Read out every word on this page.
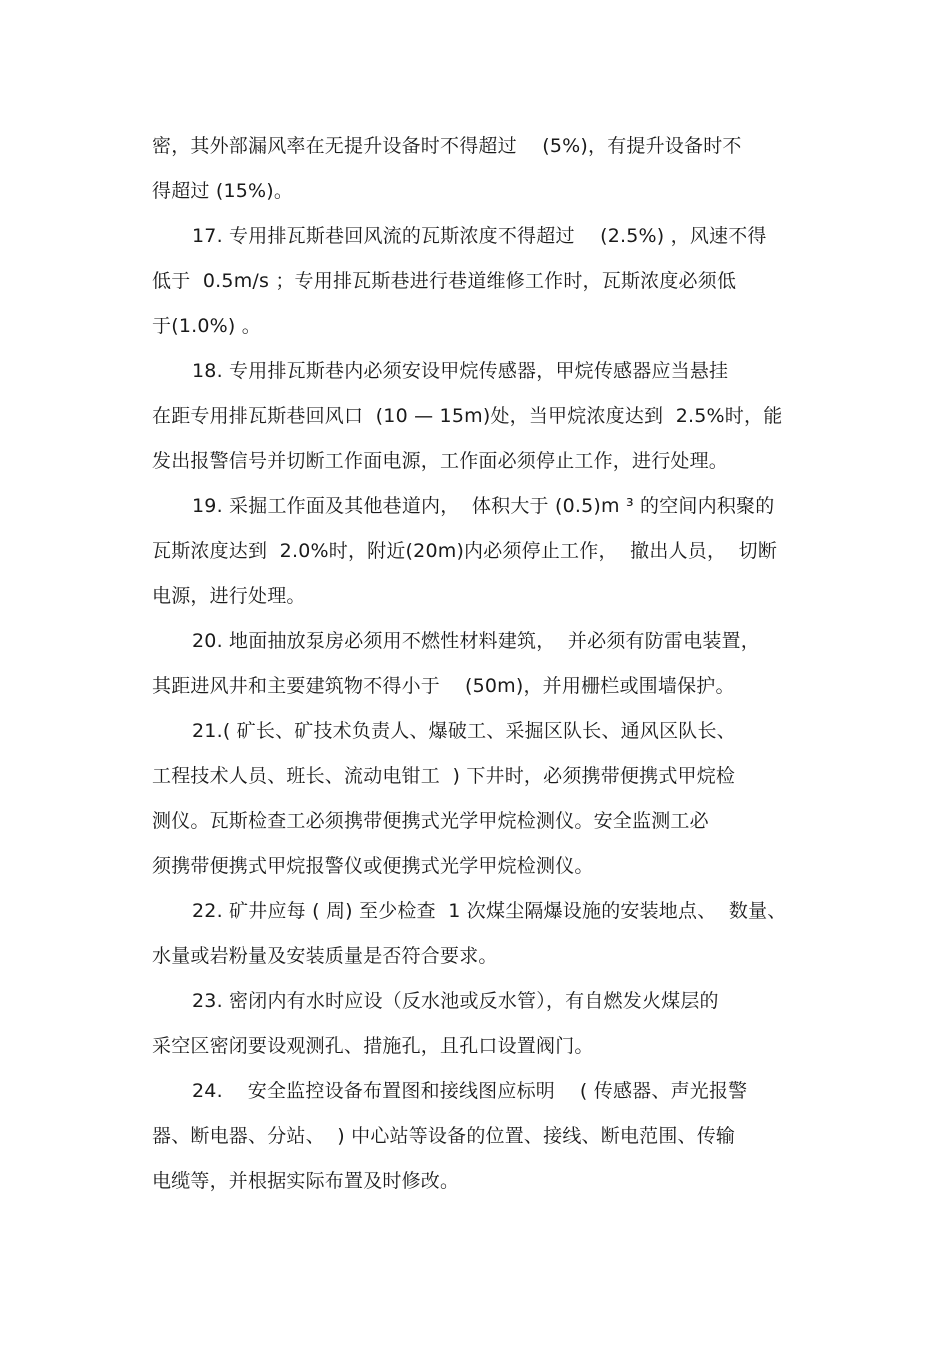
密，其外部漏风率在无提升设备时不得超过　 (5%)，有提升设备时不
得超过 (15%)。
17. 专用排瓦斯巷回风流的瓦斯浓度不得超过　 (2.5%) ，风速不得
低于  0.5m/s ；专用排瓦斯巷进行巷道维修工作时，瓦斯浓度必须低
于(1.0%) 。
18. 专用排瓦斯巷内必须安设甲烷传感器，甲烷传感器应当悬挂
在距专用排瓦斯巷回风口  (10 — 15m)处，当甲烷浓度达到  2.5%时，能
发出报警信号并切断工作面电源，工作面必须停止工作，进行处理。
19. 采掘工作面及其他巷道内，  体积大于 (0.5)m ³ 的空间内积聚的
瓦斯浓度达到  2.0%时，附近(20m)内必须停止工作，  撤出人员，  切断
电源，进行处理。
20. 地面抽放泵房必须用不燃性材料建筑，  并必须有防雷电装置，
其距进风井和主要建筑物不得小于    (50m)，并用栅栏或围墙保护。
21.( 矿长、矿技术负责人、爆破工、采掘区队长、通风区队长、
工程技术人员、班长、流动电钳工  ) 下井时，必须携带便携式甲烷检
测仪。瓦斯检查工必须携带便携式光学甲烷检测仪。安全监测工必
须携带便携式甲烷报警仪或便携式光学甲烷检测仪。
22. 矿井应每 ( 周) 至少检查  1 次煤尘隔爆设施的安装地点、  数量、
水量或岩粉量及安装质量是否符合要求。
23. 密闭内有水时应设（反水池或反水管），有自燃发火煤层的
采空区密闭要设观测孔、措施孔，且孔口设置阀门。
24.    安全监控设备布置图和接线图应标明    ( 传感器、声光报警
器、断电器、分站、  ) 中心站等设备的位置、接线、断电范围、传输
电缆等，并根据实际布置及时修改。
